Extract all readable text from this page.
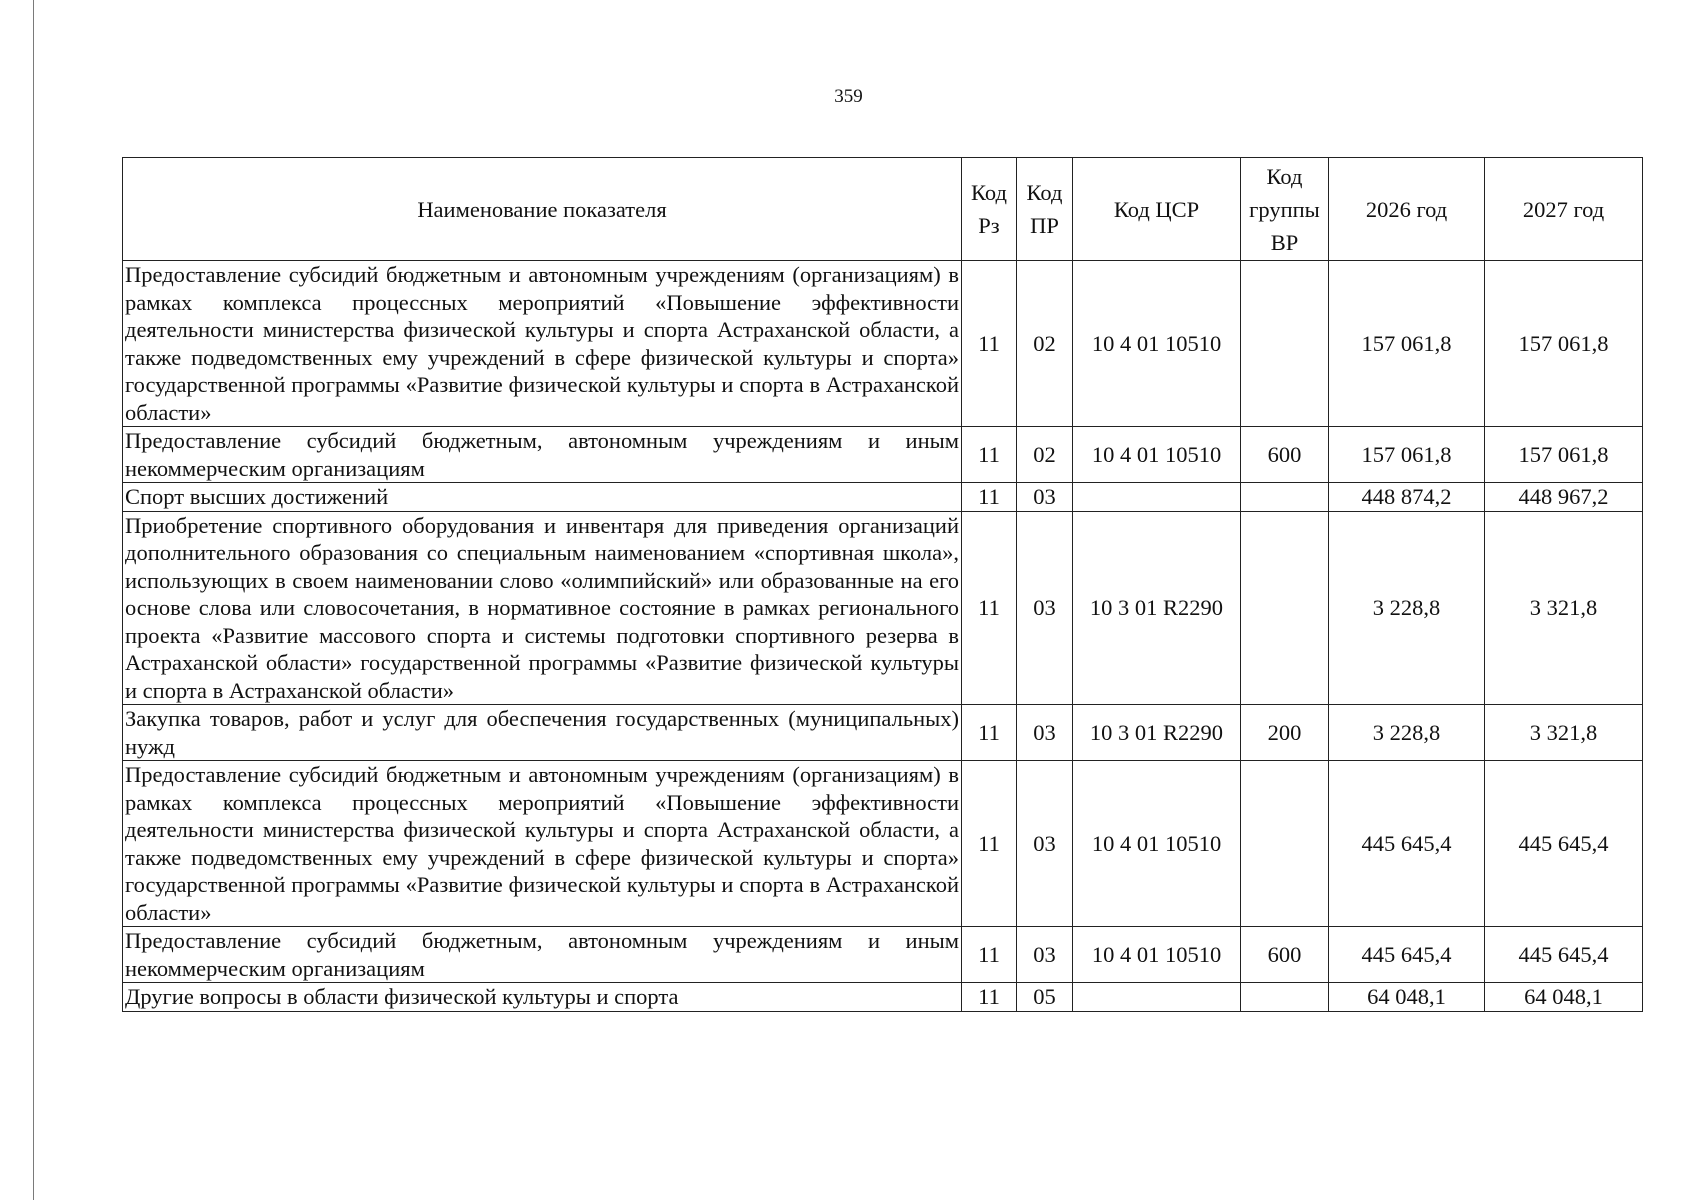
359
Наименование показателя	Код Рз	Код ПР	Код ЦСР	Код группы ВР	2026 год	2027 год
Предоставление субсидий бюджетным и автономным учреждениям (организациям) в рамках комплекса процессных мероприятий «Повышение эффективности деятельности министерства физической культуры и спорта Астраханской области, а также подведомственных ему учреждений в сфере физической культуры и спорта» государственной программы «Развитие физической культуры и спорта в Астраханской области»	11	02	10 4 01 10510		157 061,8	157 061,8
Предоставление субсидий бюджетным, автономным учреждениям и иным некоммерческим организациям	11	02	10 4 01 10510	600	157 061,8	157 061,8
Спорт высших достижений	11	03			448 874,2	448 967,2
Приобретение спортивного оборудования и инвентаря для приведения организаций дополнительного образования со специальным наименованием «спортивная школа», использующих в своем наименовании слово «олимпийский» или образованные на его основе слова или словосочетания, в нормативное состояние в рамках регионального проекта «Развитие массового спорта и системы подготовки спортивного резерва в Астраханской области» государственной программы «Развитие физической культуры и спорта в Астраханской области»	11	03	10 3 01 R2290		3 228,8	3 321,8
Закупка товаров, работ и услуг для обеспечения государственных (муниципальных) нужд	11	03	10 3 01 R2290	200	3 228,8	3 321,8
Предоставление субсидий бюджетным и автономным учреждениям (организациям) в рамках комплекса процессных мероприятий «Повышение эффективности деятельности министерства физической культуры и спорта Астраханской области, а также подведомственных ему учреждений в сфере физической культуры и спорта» государственной программы «Развитие физической культуры и спорта в Астраханской области»	11	03	10 4 01 10510		445 645,4	445 645,4
Предоставление субсидий бюджетным, автономным учреждениям и иным некоммерческим организациям	11	03	10 4 01 10510	600	445 645,4	445 645,4
Другие вопросы в области физической культуры и спорта	11	05			64 048,1	64 048,1
